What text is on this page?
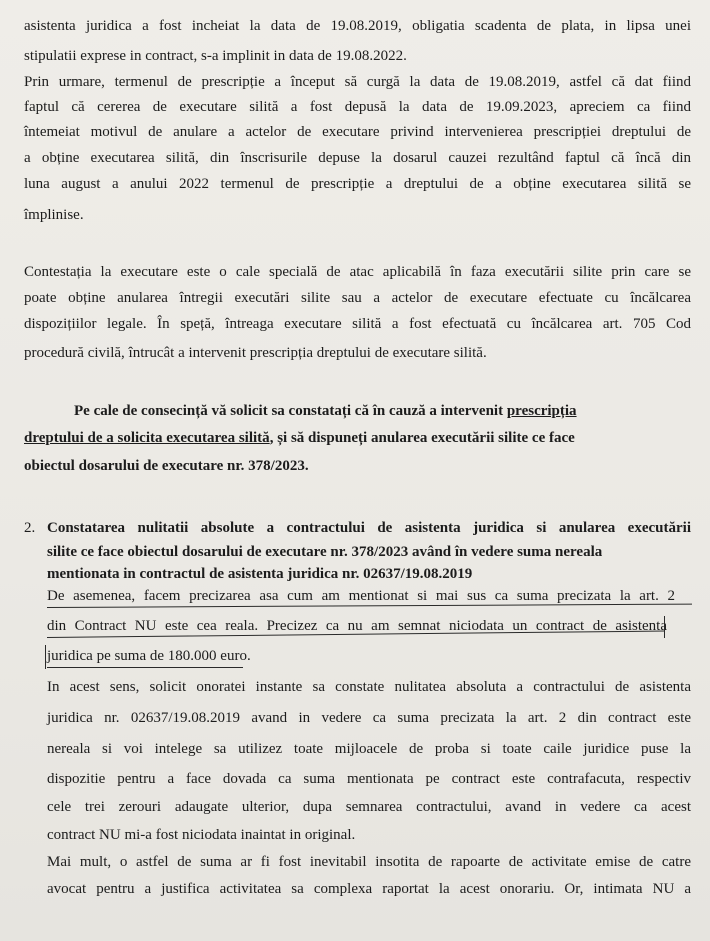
asistenta juridica a fost incheiat la data de 19.08.2019, obligatia scadenta de plata, in lipsa unei
stipulatii exprese in contract, s-a implinit in data de 19.08.2022.
Prin urmare, termenul de prescripție a început să curgă la data de 19.08.2019, astfel că dat fiind
faptul că cererea de executare silită a fost depusă la data de 19.09.2023, apreciem ca fiind
întemeiat motivul de anulare a actelor de executare privind intervenierea prescripției dreptului de
a obține executarea silită, din înscrisurile depuse la dosarul cauzei rezultând faptul că încă din
luna august a anului 2022 termenul de prescripție a dreptului de a obține executarea silită se
împlinise.
Contestația la executare este o cale specială de atac aplicabilă în faza executării silite prin care se
poate obține anularea întregii executări silite sau a actelor de executare efectuate cu încălcarea
dispozițiilor legale. În speță, întreaga executare silită a fost efectuată cu încălcarea art. 705 Cod
procedură civilă, întrucât a intervenit prescripția dreptului de executare silită.
Pe cale de consecință vă solicit sa constatați că în cauză a intervenit prescripția
dreptului de a solicita executarea silită, și să dispuneți anularea executării silite ce face
obiectul dosarului de executare nr. 378/2023.
2. Constatarea nulitatii absolute a contractului de asistenta juridica si anularea executării
silite ce face obiectul dosarului de executare nr. 378/2023 având în vedere suma nereala
mentionata in contractul de asistenta juridica nr. 02637/19.08.2019
De asemenea, facem precizarea asa cum am mentionat si mai sus ca suma precizata la art. 2
din Contract NU este cea reala. Precizez ca nu am semnat niciodata un contract de asistenta
juridica pe suma de 180.000 euro.
In acest sens, solicit onoratei instante sa constate nulitatea absoluta a contractului de asistenta
juridica nr. 02637/19.08.2019 avand in vedere ca suma precizata la art. 2 din contract este
nereala si voi intelege sa utilizez toate mijloacele de proba si toate caile juridice puse la
dispozitie pentru a face dovada ca suma mentionata pe contract este contrafacuta, respectiv
cele trei zerouri adaugate ulterior, dupa semnarea contractului, avand in vedere ca acest
contract NU mi-a fost niciodata inaintat in original.
Mai mult, o astfel de suma ar fi fost inevitabil insotita de rapoarte de activitate emise de catre
avocat pentru a justifica activitatea sa complexa raportat la acest onorariu. Or, intimata NU a
